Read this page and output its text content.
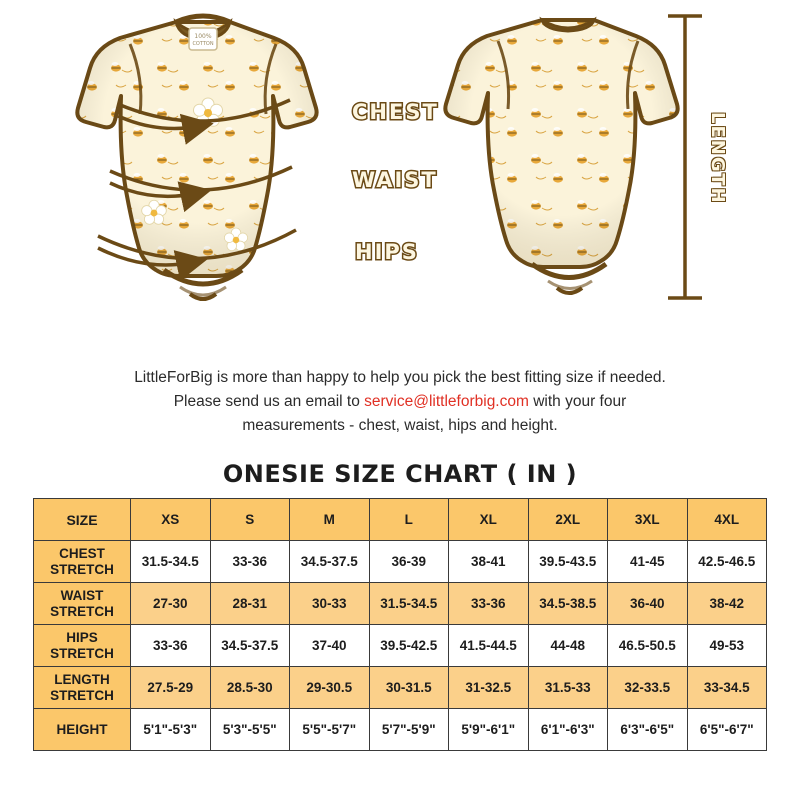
100%
COTTON
CHEST
WAIST
HIPS
LENGTH
LittleForBig is more than happy to help you pick the best fitting size if needed.
Please send us an email to service@littleforbig.com with your four
measurements - chest, waist, hips and height.
ONESIE SIZE CHART ( IN )
SIZE	XS	S	M	L	XL	2XL	3XL	4XL
CHEST
STRETCH	31.5-34.5	33-36	34.5-37.5	36-39	38-41	39.5-43.5	41-45	42.5-46.5
WAIST
STRETCH	27-30	28-31	30-33	31.5-34.5	33-36	34.5-38.5	36-40	38-42
HIPS
STRETCH	33-36	34.5-37.5	37-40	39.5-42.5	41.5-44.5	44-48	46.5-50.5	49-53
LENGTH
STRETCH	27.5-29	28.5-30	29-30.5	30-31.5	31-32.5	31.5-33	32-33.5	33-34.5
HEIGHT	5'1"-5'3"	5'3"-5'5"	5'5"-5'7"	5'7"-5'9"	5'9"-6'1"	6'1"-6'3"	6'3"-6'5"	6'5"-6'7"
